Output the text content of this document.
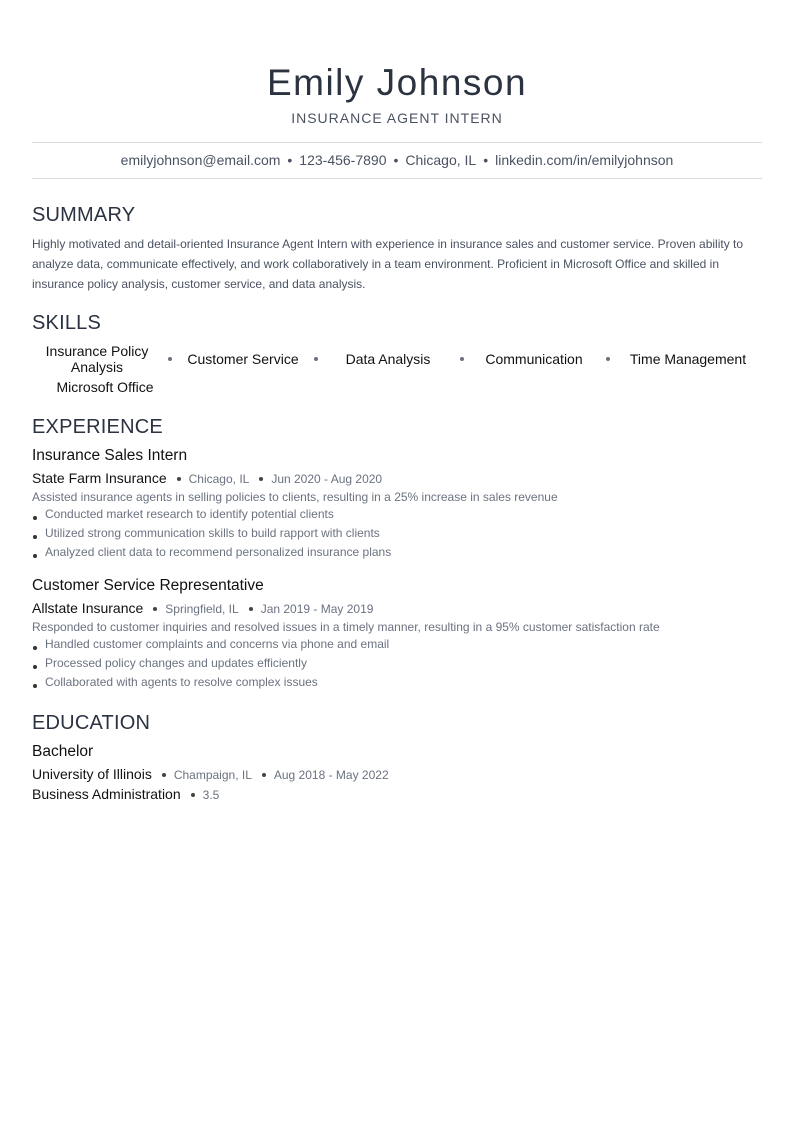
Emily Johnson
INSURANCE AGENT INTERN
emilyjohnson@email.com • 123-456-7890 • Chicago, IL • linkedin.com/in/emilyjohnson
SUMMARY
Highly motivated and detail-oriented Insurance Agent Intern with experience in insurance sales and customer service. Proven ability to analyze data, communicate effectively, and work collaboratively in a team environment. Proficient in Microsoft Office and skilled in insurance policy analysis, customer service, and data analysis.
SKILLS
Insurance Policy Analysis	Customer Service	Data Analysis	Communication	Time Management
Microsoft Office
EXPERIENCE
Insurance Sales Intern
State Farm Insurance Chicago, IL Jun 2020 - Aug 2020
Assisted insurance agents in selling policies to clients, resulting in a 25% increase in sales revenue
Conducted market research to identify potential clients
Utilized strong communication skills to build rapport with clients
Analyzed client data to recommend personalized insurance plans
Customer Service Representative
Allstate Insurance Springfield, IL Jan 2019 - May 2019
Responded to customer inquiries and resolved issues in a timely manner, resulting in a 95% customer satisfaction rate
Handled customer complaints and concerns via phone and email
Processed policy changes and updates efficiently
Collaborated with agents to resolve complex issues
EDUCATION
Bachelor
University of Illinois Champaign, IL Aug 2018 - May 2022
Business Administration 3.5
